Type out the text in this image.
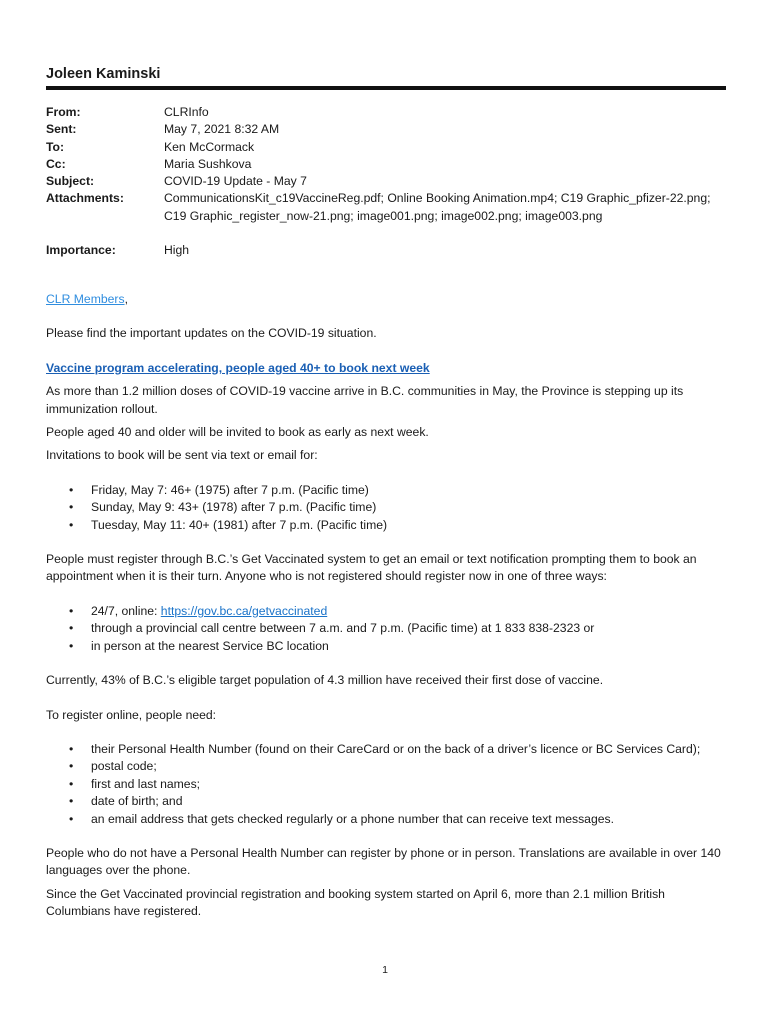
Joleen Kaminski
From:	CLRInfo
Sent:	May 7, 2021 8:32 AM
To:	Ken McCormack
Cc:	Maria Sushkova
Subject:	COVID-19 Update - May 7
Attachments:	CommunicationsKit_c19VaccineReg.pdf; Online Booking Animation.mp4; C19 Graphic_pfizer-22.png;
C19 Graphic_register_now-21.png; image001.png; image002.png; image003.png
Importance:	High

CLR Members,

Please find the important updates on the COVID-19 situation.

Vaccine program accelerating, people aged 40+ to book next week

As more than 1.2 million doses of COVID-19 vaccine arrive in B.C. communities in May, the Province is stepping up its immunization rollout.

People aged 40 and older will be invited to book as early as next week.

Invitations to book will be sent via text or email for:

• Friday, May 7: 46+ (1975) after 7 p.m. (Pacific time)
• Sunday, May 9: 43+ (1978) after 7 p.m. (Pacific time)
• Tuesday, May 11: 40+ (1981) after 7 p.m. (Pacific time)

People must register through B.C.’s Get Vaccinated system to get an email or text notification prompting them to book an appointment when it is their turn. Anyone who is not registered should register now in one of three ways:

• 24/7, online: https://gov.bc.ca/getvaccinated
• through a provincial call centre between 7 a.m. and 7 p.m. (Pacific time) at 1 833 838-2323 or
• in person at the nearest Service BC location

Currently, 43% of B.C.’s eligible target population of 4.3 million have received their first dose of vaccine.

To register online, people need:

• their Personal Health Number (found on their CareCard or on the back of a driver’s licence or BC Services Card);
• postal code;
• first and last names;
• date of birth; and
• an email address that gets checked regularly or a phone number that can receive text messages.

People who do not have a Personal Health Number can register by phone or in person. Translations are available in over 140 languages over the phone.

Since the Get Vaccinated provincial registration and booking system started on April 6, more than 2.1 million British Columbians have registered.

1
